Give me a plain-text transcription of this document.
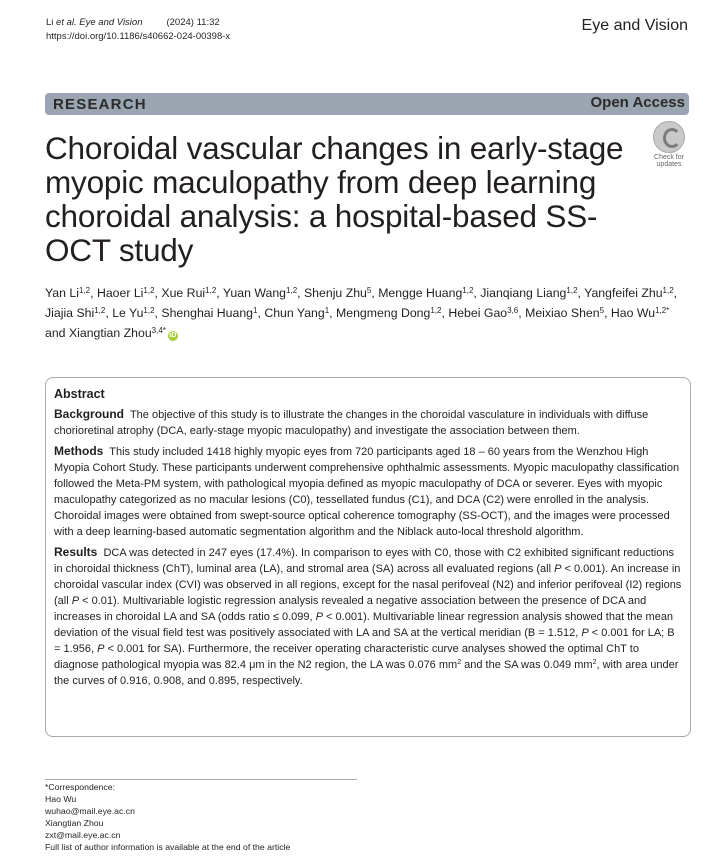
Li et al. Eye and Vision	(2024) 11:32
https://doi.org/10.1186/s40662-024-00398-x
Eye and Vision
RESEARCH	Open Access
Check for updates
Choroidal vascular changes in early-stage myopic maculopathy from deep learning choroidal analysis: a hospital-based SS-OCT study

Yan Li$^{1,2}$, Haoer Li$^{1,2}$, Xue Rui$^{1,2}$, Yuan Wang$^{1,2}$, Shenju Zhu$^5$, Mengge Huang$^{1,2}$, Jianqiang Liang$^{1,2}$, Yangfeifei Zhu$^{1,2}$, Jiajia Shi$^{1,2}$, Le Yu$^{1,2}$, Shenghai Huang$^1$, Chun Yang$^1$, Mengmeng Dong$^{1,2}$, Hebei Gao$^{3,6}$, Meixiao Shen$^5$, Hao $Wu^{1,2*}$ and Xiangtian Zhou$^{3,4*}$iD

Abstract

Background The objective of this study is to illustrate the changes in the choroidal vasculature in individuals with diffuse chorioretinal atrophy (DCA, early-stage myopic maculopathy) and investigate the association between them.

Methods This study included 1418 highly myopic eyes from 720 participants aged 18 – 60 years from the Wenzhou High Myopia Cohort Study. These participants underwent comprehensive ophthalmic assessments. Myopic maculopathy classification followed the Meta-PM system, with pathological myopia defined as myopic maculopathy of DCA or severer. Eyes with myopic maculopathy categorized as no macular lesions (C0), tessellated fundus (C1), and DCA (C2) were enrolled in the analysis. Choroidal images were obtained from swept-source optical coherence tomography (SS-OCT), and the images were processed with a deep learning-based automatic segmentation algorithm and the Niblack auto-local threshold algorithm.

Results DCA was detected in 247 eyes (17.4%). In comparison to eyes with C0, those with C2 exhibited significant reductions in choroidal thickness (ChT), luminal area (LA), and stromal area (SA) across all evaluated regions (all P < 0.001). An increase in choroidal vascular index (CVI) was observed in all regions, except for the nasal perifoveal (N2) and inferior perifoveal (I2) regions (all P < 0.01). Multivariable logistic regression analysis revealed a negative association between the presence of DCA and increases in choroidal LA and SA (odds ratio ≤ 0.099, P < 0.001). Multivariable linear regression analysis showed that the mean deviation of the visual field test was positively associated with LA and SA at the vertical meridian (B = 1.512, P < 0.001 for LA; B = 1.956, P < 0.001 for SA). Furthermore, the receiver operating characteristic curve analyses showed the optimal ChT to diagnose pathological myopia was 82.4 μm in the N2 region, the LA was 0.076 $mm^2$ and the SA was 0.049 $mm^2$, with area under the curves of 0.916, 0.908, and 0.895, respectively.

*Correspondence:
Hao Wu
wuhao@mail.eye.ac.cn
Xiangtian Zhou
zxt@mail.eye.ac.cn
Full list of author information is available at the end of the article
